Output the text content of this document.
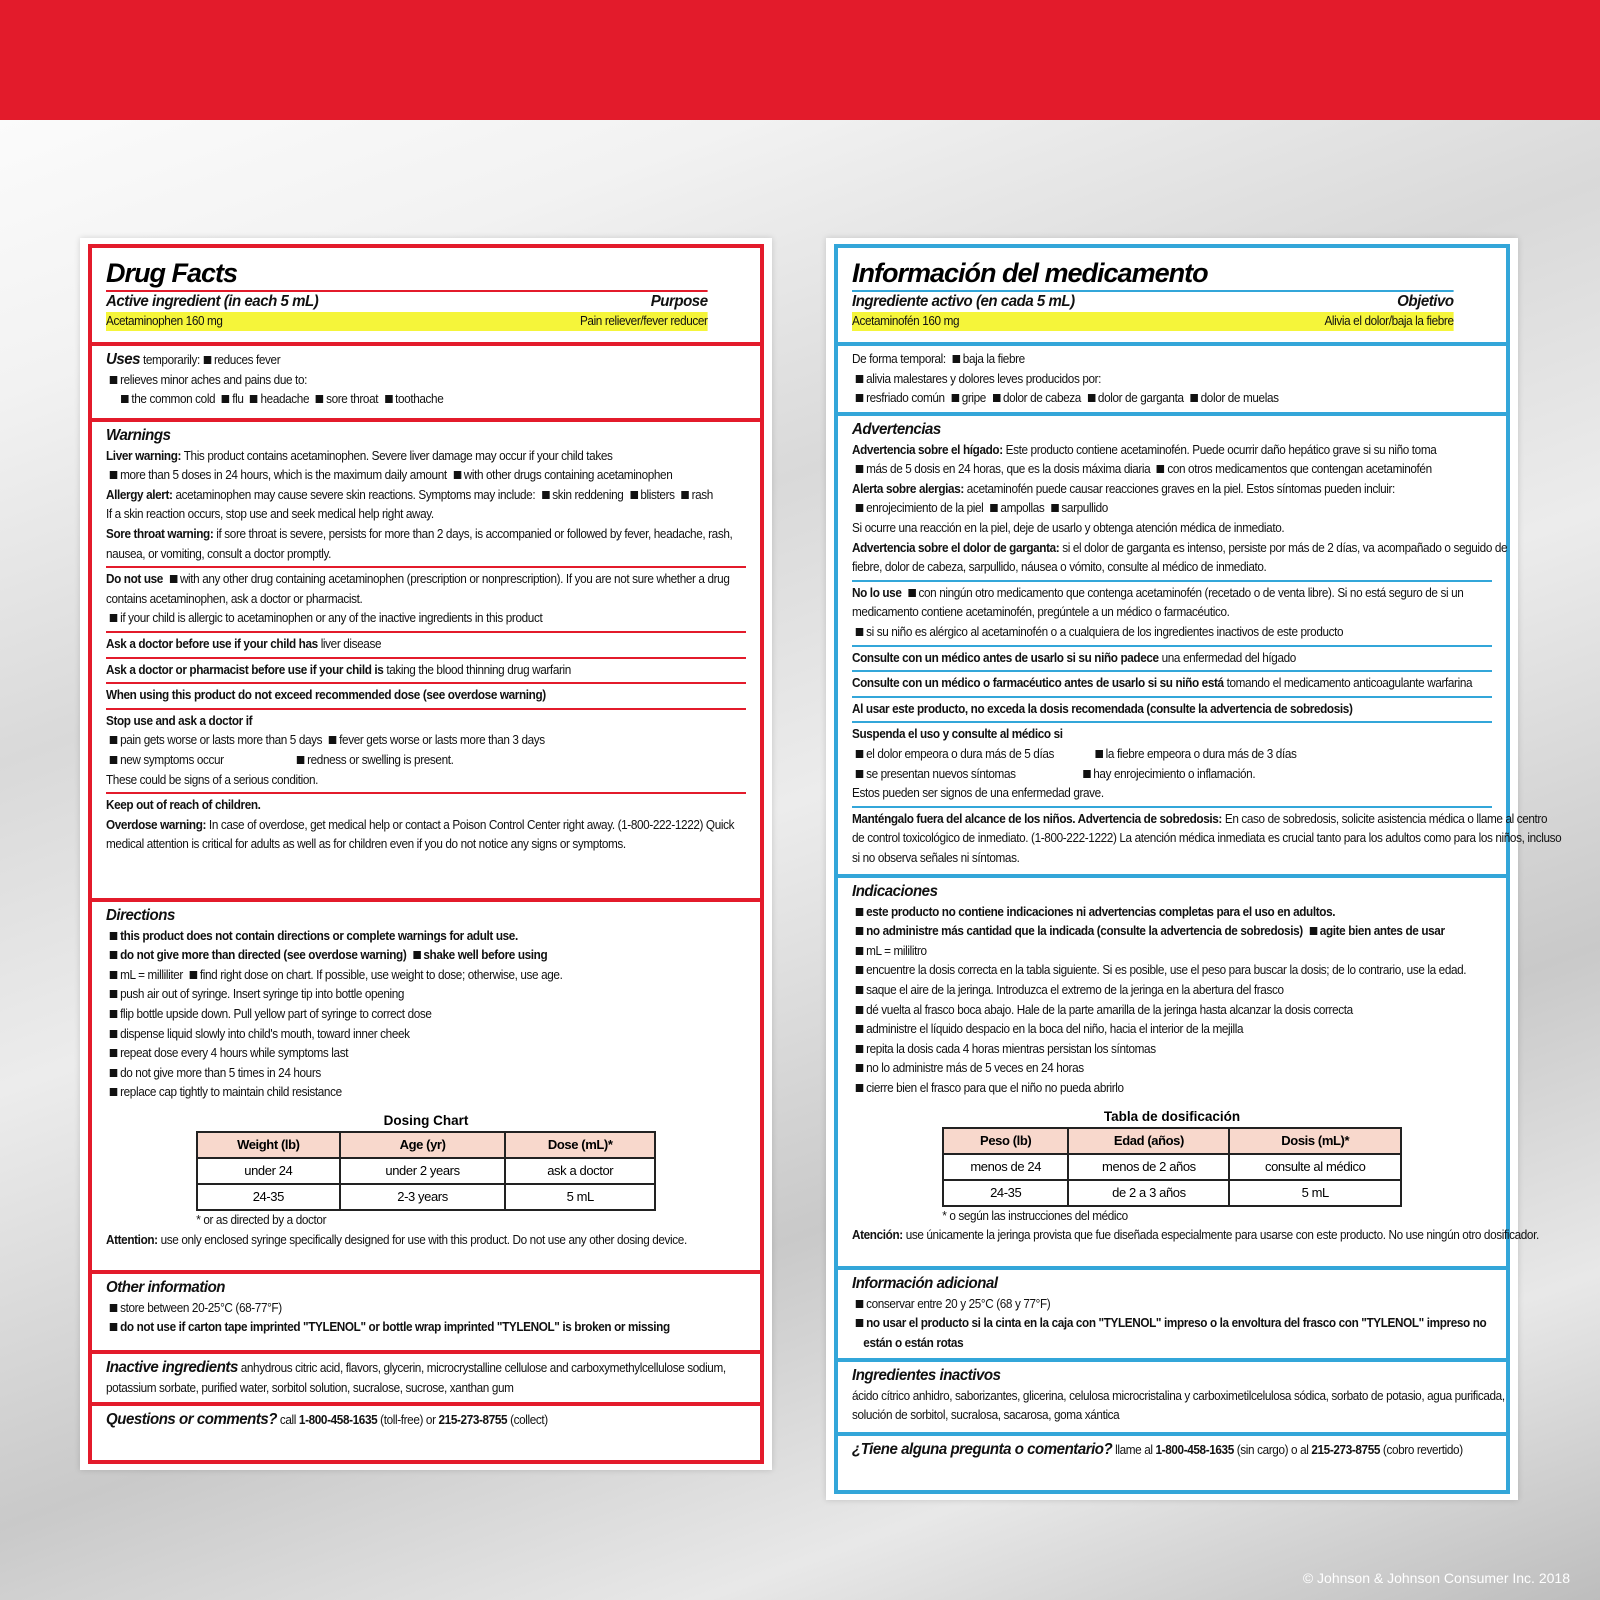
Drug Facts
Active ingredient (in each 5 mL)	Purpose
Acetaminophen 160 mg	Pain reliever/fever reducer
Uses temporarily: reduces fever
relieves minor aches and pains due to:
the common cold flu headache sore throat toothache
Warnings
Liver warning: This product contains acetaminophen. Severe liver damage may occur if your child takes
more than 5 doses in 24 hours, which is the maximum daily amount with other drugs containing acetaminophen
Allergy alert: acetaminophen may cause severe skin reactions. Symptoms may include: skin reddening blisters rash
If a skin reaction occurs, stop use and seek medical help right away.
Sore throat warning: if sore throat is severe, persists for more than 2 days, is accompanied or followed by fever, headache, rash,
nausea, or vomiting, consult a doctor promptly.
Do not use with any other drug containing acetaminophen (prescription or nonprescription). If you are not sure whether a drug
contains acetaminophen, ask a doctor or pharmacist.
if your child is allergic to acetaminophen or any of the inactive ingredients in this product
Ask a doctor before use if your child has liver disease
Ask a doctor or pharmacist before use if your child is taking the blood thinning drug warfarin
When using this product do not exceed recommended dose (see overdose warning)
Stop use and ask a doctor if
pain gets worse or lasts more than 5 days fever gets worse or lasts more than 3 days
new symptoms occur	redness or swelling is present.
These could be signs of a serious condition.
Keep out of reach of children.
Overdose warning: In case of overdose, get medical help or contact a Poison Control Center right away. (1-800-222-1222) Quick
medical attention is critical for adults as well as for children even if you do not notice any signs or symptoms.
Directions
this product does not contain directions or complete warnings for adult use.
do not give more than directed (see overdose warning) shake well before using
mL = milliliter find right dose on chart. If possible, use weight to dose; otherwise, use age.
push air out of syringe. Insert syringe tip into bottle opening
flip bottle upside down. Pull yellow part of syringe to correct dose
dispense liquid slowly into child's mouth, toward inner cheek
repeat dose every 4 hours while symptoms last
do not give more than 5 times in 24 hours
replace cap tightly to maintain child resistance
Dosing Chart
Weight (lb)	Age (yr)	Dose (mL)*
under 24	under 2 years	ask a doctor
24-35	2-3 years	5 mL
* or as directed by a doctor
Attention: use only enclosed syringe specifically designed for use with this product. Do not use any other dosing device.
Other information
store between 20-25°C (68-77°F)
do not use if carton tape imprinted "TYLENOL" or bottle wrap imprinted "TYLENOL" is broken or missing
Inactive ingredients anhydrous citric acid, flavors, glycerin, microcrystalline cellulose and carboxymethylcellulose sodium,
potassium sorbate, purified water, sorbitol solution, sucralose, sucrose, xanthan gum
Questions or comments? call 1-800-458-1635 (toll-free) or 215-273-8755 (collect)
Información del medicamento
Ingrediente activo (en cada 5 mL)	Objetivo
Acetaminofén 160 mg	Alivia el dolor/baja la fiebre
De forma temporal: baja la fiebre
alivia malestares y dolores leves producidos por:
resfriado común gripe dolor de cabeza dolor de garganta dolor de muelas
Advertencias
Advertencia sobre el hígado: Este producto contiene acetaminofén. Puede ocurrir daño hepático grave si su niño toma
más de 5 dosis en 24 horas, que es la dosis máxima diaria con otros medicamentos que contengan acetaminofén
Alerta sobre alergias: acetaminofén puede causar reacciones graves en la piel. Estos síntomas pueden incluir:
enrojecimiento de la piel ampollas sarpullido
Si ocurre una reacción en la piel, deje de usarlo y obtenga atención médica de inmediato.
Advertencia sobre el dolor de garganta: si el dolor de garganta es intenso, persiste por más de 2 días, va acompañado o seguido de
fiebre, dolor de cabeza, sarpullido, náusea o vómito, consulte al médico de inmediato.
No lo use con ningún otro medicamento que contenga acetaminofén (recetado o de venta libre). Si no está seguro de si un
medicamento contiene acetaminofén, pregúntele a un médico o farmacéutico.
si su niño es alérgico al acetaminofén o a cualquiera de los ingredientes inactivos de este producto
Consulte con un médico antes de usarlo si su niño padece una enfermedad del hígado
Consulte con un médico o farmacéutico antes de usarlo si su niño está tomando el medicamento anticoagulante warfarina
Al usar este producto, no exceda la dosis recomendada (consulte la advertencia de sobredosis)
Suspenda el uso y consulte al médico si
el dolor empeora o dura más de 5 días	la fiebre empeora o dura más de 3 días
se presentan nuevos síntomas	hay enrojecimiento o inflamación.
Estos pueden ser signos de una enfermedad grave.
Manténgalo fuera del alcance de los niños. Advertencia de sobredosis: En caso de sobredosis, solicite asistencia médica o llame al centro
de control toxicológico de inmediato. (1-800-222-1222) La atención médica inmediata es crucial tanto para los adultos como para los niños, incluso
si no observa señales ni síntomas.
Indicaciones
este producto no contiene indicaciones ni advertencias completas para el uso en adultos.
no administre más cantidad que la indicada (consulte la advertencia de sobredosis) agite bien antes de usar
mL = mililitro
encuentre la dosis correcta en la tabla siguiente. Si es posible, use el peso para buscar la dosis; de lo contrario, use la edad.
saque el aire de la jeringa. Introduzca el extremo de la jeringa en la abertura del frasco
dé vuelta al frasco boca abajo. Hale de la parte amarilla de la jeringa hasta alcanzar la dosis correcta
administre el líquido despacio en la boca del niño, hacia el interior de la mejilla
repita la dosis cada 4 horas mientras persistan los síntomas
no lo administre más de 5 veces en 24 horas
cierre bien el frasco para que el niño no pueda abrirlo
Tabla de dosificación
Peso (lb)	Edad (años)	Dosis (mL)*
menos de 24	menos de 2 años	consulte al médico
24-35	de 2 a 3 años	5 mL
* o según las instrucciones del médico
Atención: use únicamente la jeringa provista que fue diseñada especialmente para usarse con este producto. No use ningún otro dosificador.
Información adicional
conservar entre 20 y 25°C (68 y 77°F)
no usar el producto si la cinta en la caja con "TYLENOL" impreso o la envoltura del frasco con "TYLENOL" impreso no
están o están rotas
Ingredientes inactivos
ácido cítrico anhidro, saborizantes, glicerina, celulosa microcristalina y carboximetilcelulosa sódica, sorbato de potasio, agua purificada,
solución de sorbitol, sucralosa, sacarosa, goma xántica
¿Tiene alguna pregunta o comentario? llame al 1-800-458-1635 (sin cargo) o al 215-273-8755 (cobro revertido)
© Johnson & Johnson Consumer Inc. 2018
